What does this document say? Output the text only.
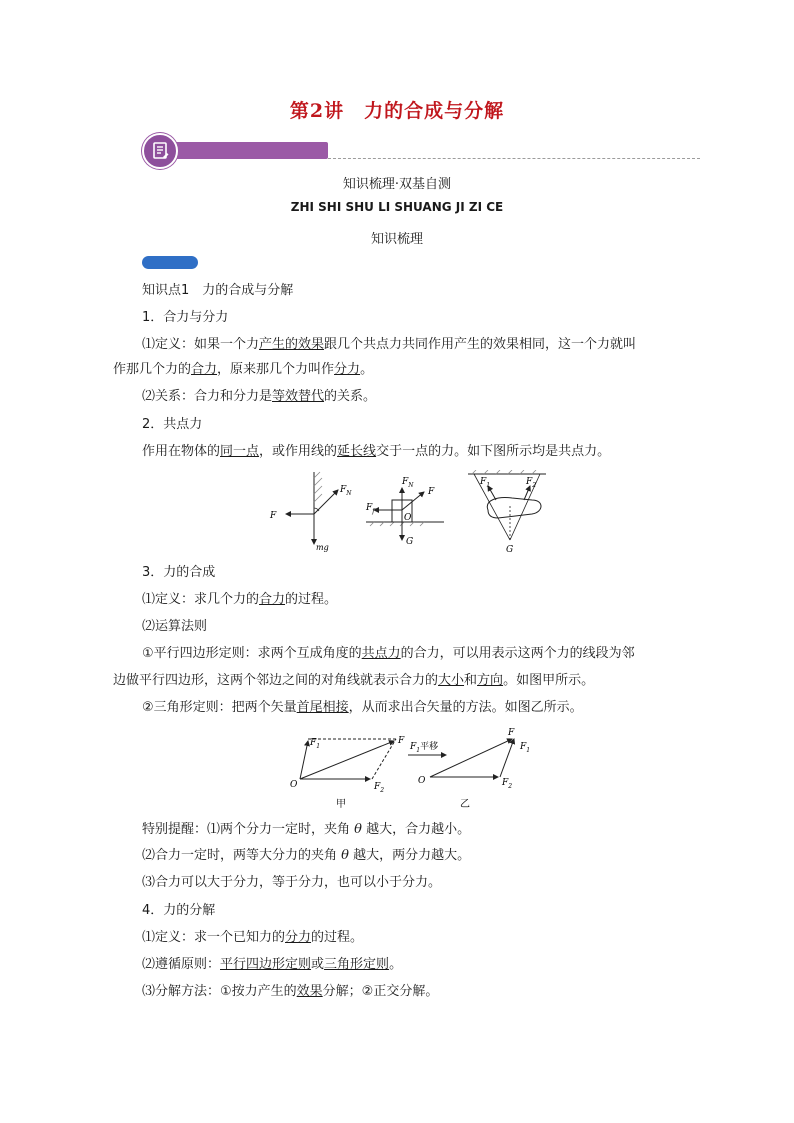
第2讲　力的合成与分解
知识梳理·双基自测
ZHI SHI SHU LI SHUANG JI ZI CE
知识梳理
知识点1　力的合成与分解
1．合力与分力
⑴定义：如果一个力产生的效果跟几个共点力共同作用产生的效果相同，这一个力就叫
作那几个力的合力，原来那几个力叫作分力。
⑵关系：合力和分力是等效替代的关系。
2．共点力
作用在物体的同一点，或作用线的延长线交于一点的力。如下图所示均是共点力。
$F_N$
F
mg
$F_N$
F
$F_f$
O
G
$F_1$	$F_2$
G
3．力的合成
⑴定义：求几个力的合力的过程。
⑵运算法则
①平行四边形定则：求两个互成角度的共点力的合力，可以用表示这两个力的线段为邻
边做平行四边形，这两个邻边之间的对角线就表示合力的大小和方向。如图甲所示。
②三角形定则：把两个矢量首尾相接，从而求出合矢量的方法。如图乙所示。
$F_1$
F
O	$F_2$
甲
$F_1$平移
F
$F_1$
O	$F_2$
乙
特别提醒：⑴两个分力一定时，夹角 θ 越大，合力越小。
⑵合力一定时，两等大分力的夹角 θ 越大，两分力越大。
⑶合力可以大于分力，等于分力，也可以小于分力。
4．力的分解
⑴定义：求一个已知力的分力的过程。
⑵遵循原则：平行四边形定则或三角形定则。
⑶分解方法：①按力产生的效果分解；②正交分解。
